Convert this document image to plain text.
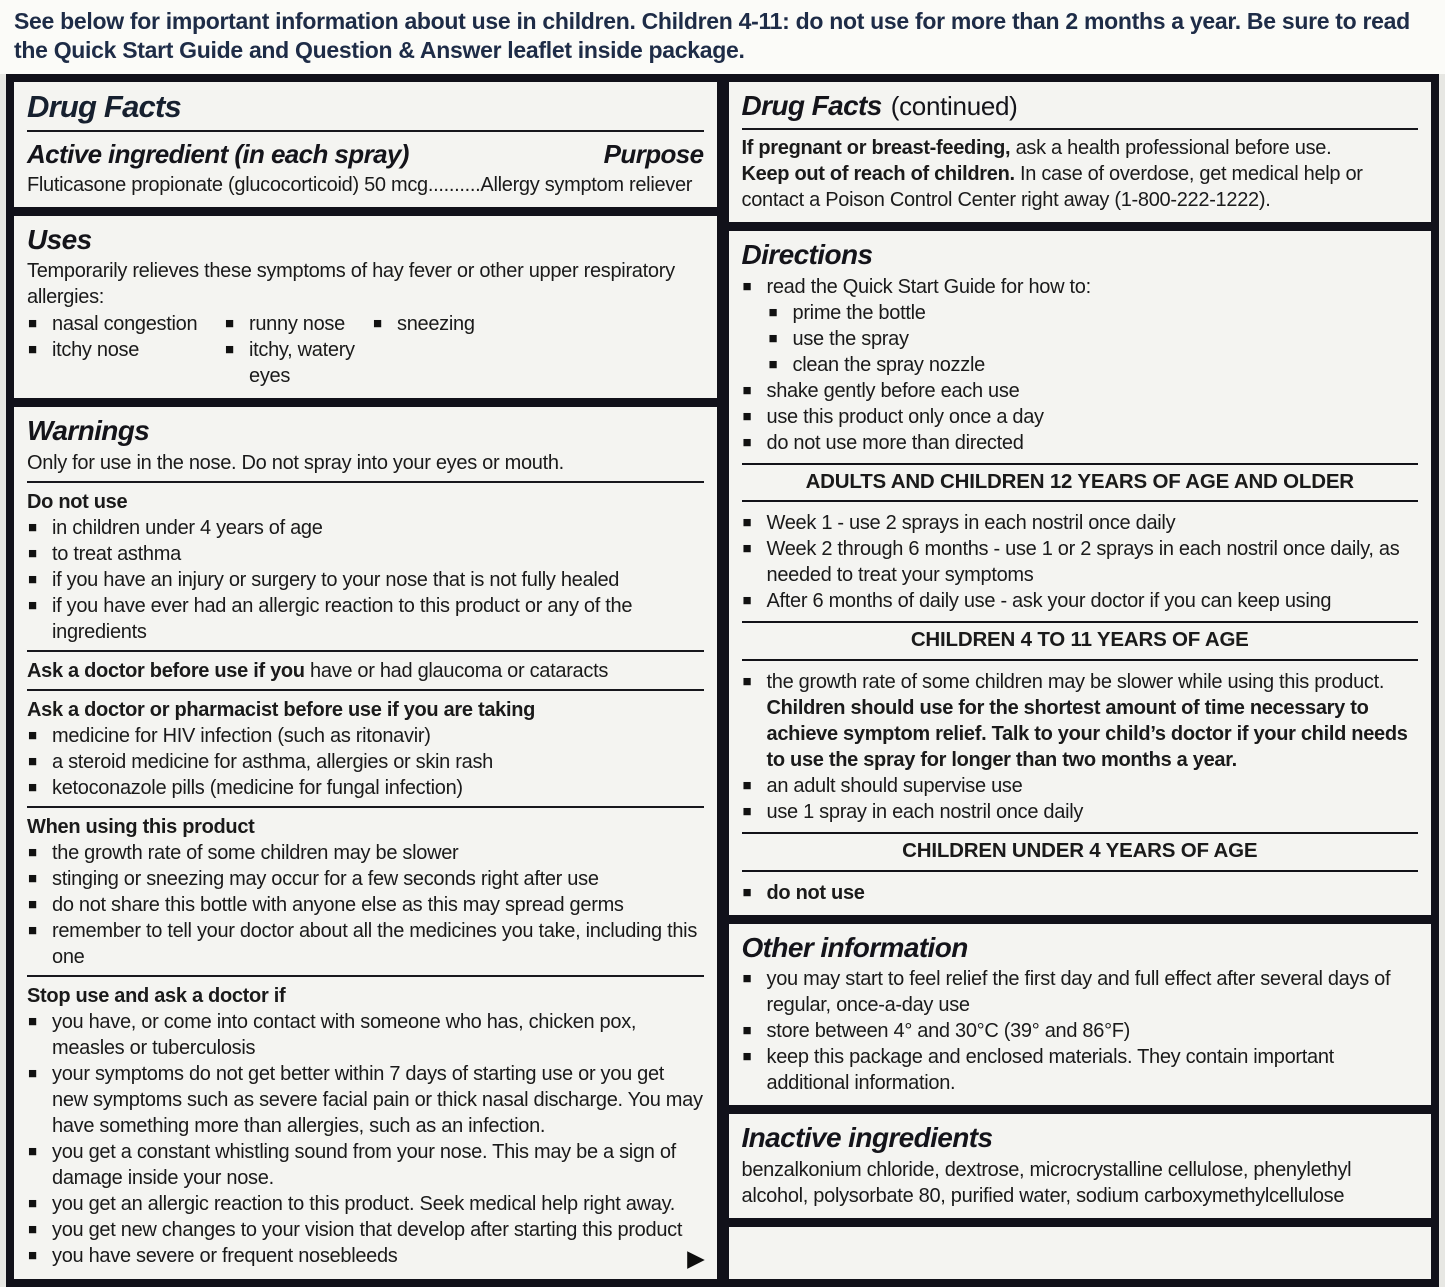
See below for important information about use in children. Children 4-11: do not use for more than 2 months a year. Be sure to read the Quick Start Guide and Question & Answer leaflet inside package.
Drug Facts
Active ingredient (in each spray)	Purpose

Fluticasone propionate (glucocorticoid) 50 mcg..........Allergy symptom reliever

Uses

Temporarily relieves these symptoms of hay fever or other upper respiratory allergies:

■ nasal congestion	■ runny nose	■ sneezing
■ itchy nose	■ itchy, watery eyes
Warnings

Only for use in the nose. Do not spray into your eyes or mouth.

Do not use

■ in children under 4 years of age
■ to treat asthma
■ if you have an injury or surgery to your nose that is not fully healed
■ if you have ever had an allergic reaction to this product or any of the ingredients

Ask a doctor before use if you have or had glaucoma or cataracts

Ask a doctor or pharmacist before use if you are taking

■ medicine for HIV infection (such as ritonavir)
■ a steroid medicine for asthma, allergies or skin rash
■ ketoconazole pills (medicine for fungal infection)

When using this product

■ the growth rate of some children may be slower
■ stinging or sneezing may occur for a few seconds right after use
■ do not share this bottle with anyone else as this may spread germs
■ remember to tell your doctor about all the medicines you take, including this one

Stop use and ask a doctor if

■ you have, or come into contact with someone who has, chicken pox, measles or tuberculosis
■ your symptoms do not get better within 7 days of starting use or you get new symptoms such as severe facial pain or thick nasal discharge. You may have something more than allergies, such as an infection.
■ you get a constant whistling sound from your nose. This may be a sign of damage inside your nose.
■ you get an allergic reaction to this product. Seek medical help right away.
■ you get new changes to your vision that develop after starting this product
■ you have severe or frequent nosebleeds	▶
Drug Facts (continued)

If pregnant or breast-feeding, ask a health professional before use.

Keep out of reach of children. In case of overdose, get medical help or contact a Poison Control Center right away (1-800-222-1222).

Directions
■ read the Quick Start Guide for how to:
■ prime the bottle
■ use the spray
■ clean the spray nozzle
■ shake gently before each use
■ use this product only once a day
■ do not use more than directed
ADULTS AND CHILDREN 12 YEARS OF AGE AND OLDER
■ Week 1 - use 2 sprays in each nostril once daily
■ Week 2 through 6 months - use 1 or 2 sprays in each nostril once daily, as needed to treat your symptoms
■ After 6 months of daily use - ask your doctor if you can keep using
CHILDREN 4 TO 11 YEARS OF AGE
■ the growth rate of some children may be slower while using this product. Children should use for the shortest amount of time necessary to achieve symptom relief. Talk to your child’s doctor if your child needs to use the spray for longer than two months a year.
■ an adult should supervise use
■ use 1 spray in each nostril once daily
CHILDREN UNDER 4 YEARS OF AGE
■ do not use
Other information
■ you may start to feel relief the first day and full effect after several days of regular, once-a-day use
■ store between 4° and 30°C (39° and 86°F)
■ keep this package and enclosed materials. They contain important additional information.
Inactive ingredients

benzalkonium chloride, dextrose, microcrystalline cellulose, phenylethyl alcohol, polysorbate 80, purified water, sodium carboxymethylcellulose
